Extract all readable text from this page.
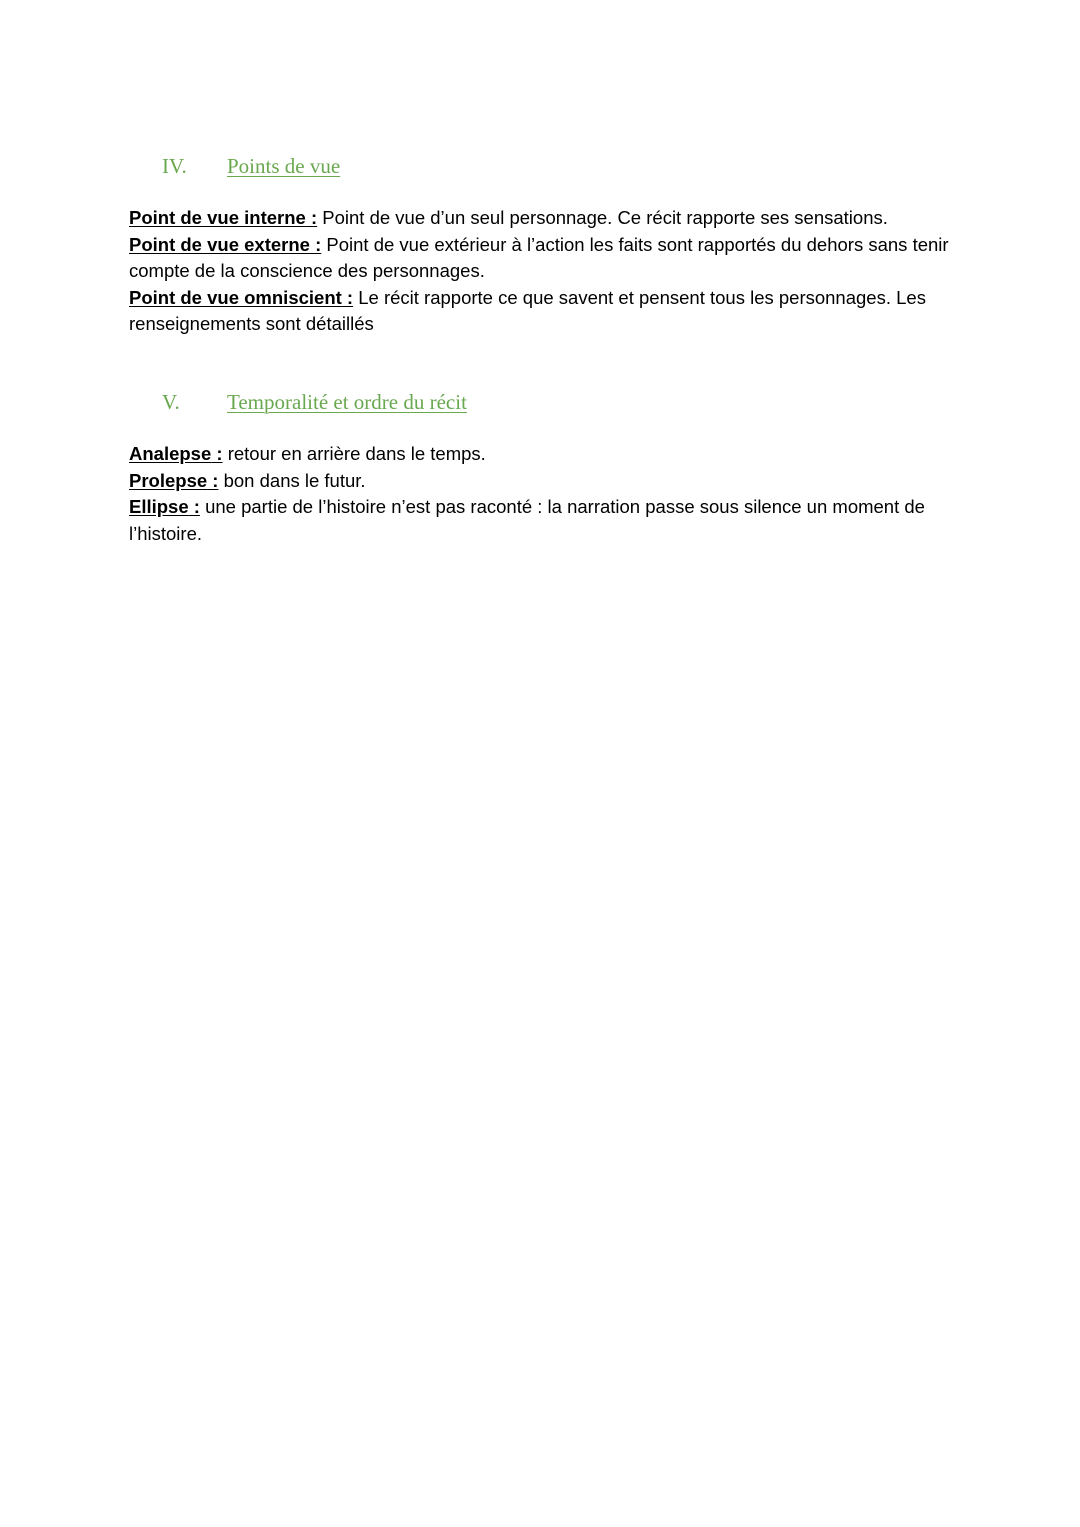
IV. Points de vue

Point de vue interne : Point de vue d’un seul personnage. Ce récit rapporte ses sensations.

Point de vue externe : Point de vue extérieur à l’action les faits sont rapportés du dehors sans tenir compte de la conscience des personnages.

Point de vue omniscient : Le récit rapporte ce que savent et pensent tous les personnages. Les renseignements sont détaillés

V. Temporalité et ordre du récit

Analepse : retour en arrière dans le temps.

Prolepse : bon dans le futur.

Ellipse : une partie de l’histoire n’est pas raconté : la narration passe sous silence un moment de l’histoire.
